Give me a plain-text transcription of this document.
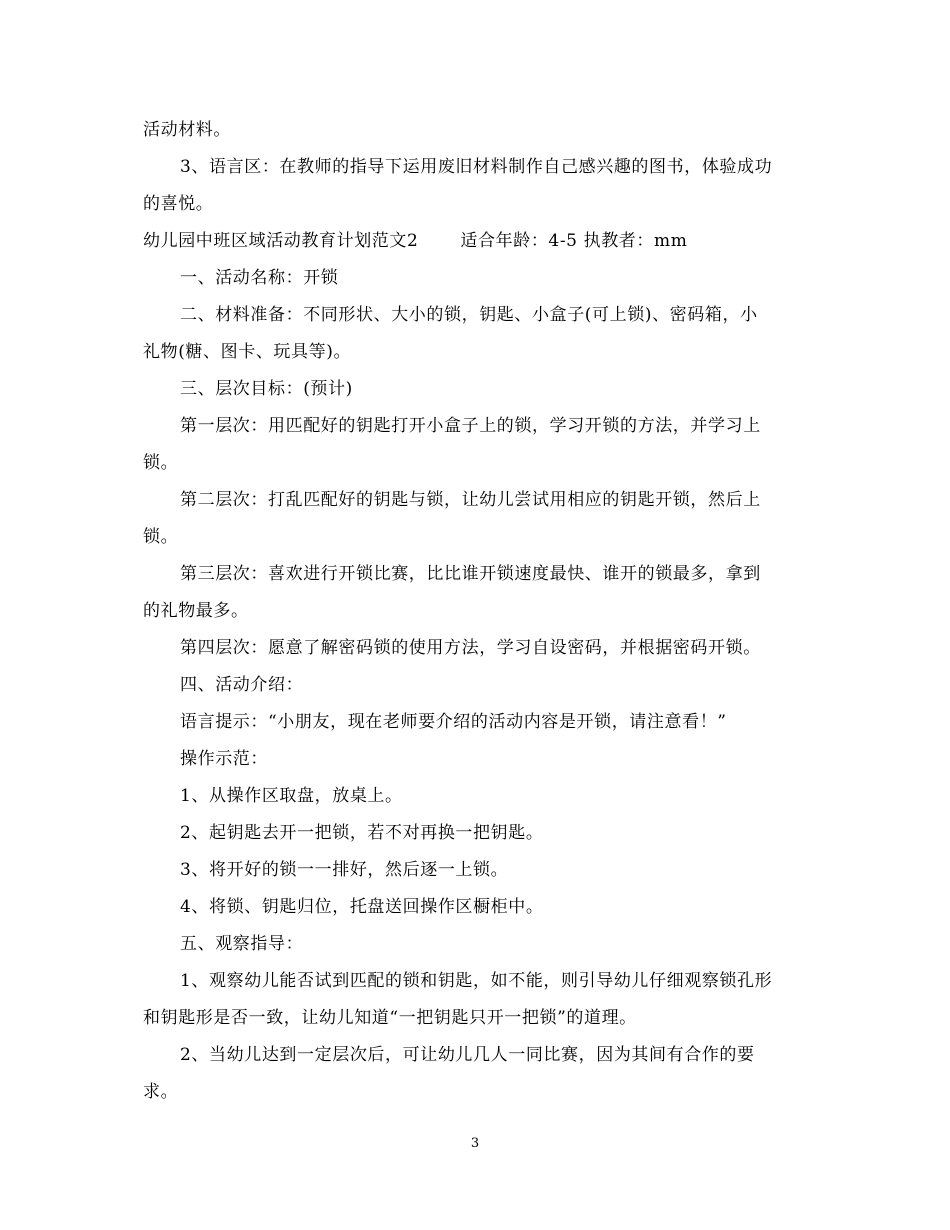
活动材料。
3、语言区：在教师的指导下运用废旧材料制作自己感兴趣的图书，体验成功
的喜悦。
幼儿园中班区域活动教育计划范文2 适合年龄：4-5 执教者：mm
一、活动名称：开锁
二、材料准备：不同形状、大小的锁，钥匙、小盒子(可上锁)、密码箱，小
礼物(糖、图卡、玩具等)。
三、层次目标：(预计)
第一层次：用匹配好的钥匙打开小盒子上的锁，学习开锁的方法，并学习上
锁。
第二层次：打乱匹配好的钥匙与锁，让幼儿尝试用相应的钥匙开锁，然后上
锁。
第三层次：喜欢进行开锁比赛，比比谁开锁速度最快、谁开的锁最多，拿到
的礼物最多。
第四层次：愿意了解密码锁的使用方法，学习自设密码，并根据密码开锁。
四、活动介绍：
语言提示：“小朋友，现在老师要介绍的活动内容是开锁，请注意看！”
操作示范：
1、从操作区取盘，放桌上。
2、起钥匙去开一把锁，若不对再换一把钥匙。
3、将开好的锁一一排好，然后逐一上锁。
4、将锁、钥匙归位，托盘送回操作区橱柜中。
五、观察指导：
1、观察幼儿能否试到匹配的锁和钥匙，如不能，则引导幼儿仔细观察锁孔形
和钥匙形是否一致，让幼儿知道“一把钥匙只开一把锁”的道理。
2、当幼儿达到一定层次后，可让幼儿几人一同比赛，因为其间有合作的要
求。
3
